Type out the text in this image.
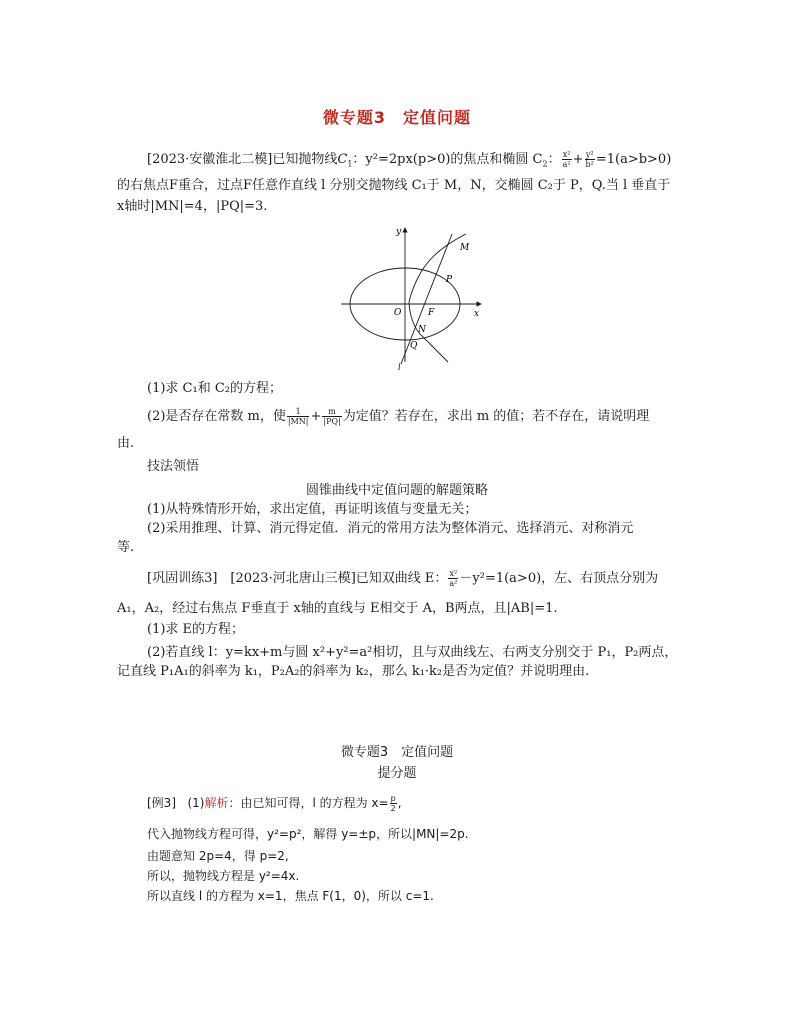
微专题3　定值问题
[2023·安徽淮北二模]已知抛物线$C_1$：y²=2px(p>0)的焦点和椭圆 $C_2$： $\frac{\text{x²}}{\text{a²}} + \frac{\text{y²}}{\text{b²}} =1(a>b>0)$
的右焦点F重合，过点F任意作直线 l 分别交抛物线 C₁于 M，N，交椭圆 C₂于 P，Q.当 l 垂直于
x轴时|MN|=4，|PQ|=3.
y
x
O	F
M
P
N
Q
l
(1)求 C₁和 C₂的方程；
(2)是否存在常数 m，使 $\frac{1}{|MN|} + \frac{m}{|PQ|}$ 为定值？若存在，求出 m 的值；若不存在，请说明理
由.
技法领悟
圆锥曲线中定值问题的解题策略
(1)从特殊情形开始，求出定值，再证明该值与变量无关；
(2)采用推理、计算、消元得定值．消元的常用方法为整体消元、选择消元、对称消元
等.
[巩固训练3]　[2023·河北唐山三模]已知双曲线 E： $\frac{\text{x²}}{\text{a²}} -y^2=1(a>0)$，左、右顶点分别为
A₁，A₂，经过右焦点 F垂直于 x轴的直线与 E相交于 A，B两点，且|AB|=1.
(1)求 E的方程；
(2)若直线 l：y=kx+m与圆 x²+y²=a²相切，且与双曲线左、右两支分别交于 P₁，P₂两点，
记直线 P₁A₁的斜率为 k₁，P₂A₂的斜率为 k₂，那么 k₁·k₂是否为定值？并说明理由.
微专题3　定值问题
提分题
[例3] (1)解析：由已知可得，l 的方程为 $x= \frac{p}{2}$ ,
代入抛物线方程可得，y²=p²，解得 y=±p，所以|MN|=2p.
由题意知 2p=4，得 p=2,
所以，抛物线方程是 y²=4x.
所以直线 l 的方程为 x=1，焦点 F(1，0)，所以 c=1.
